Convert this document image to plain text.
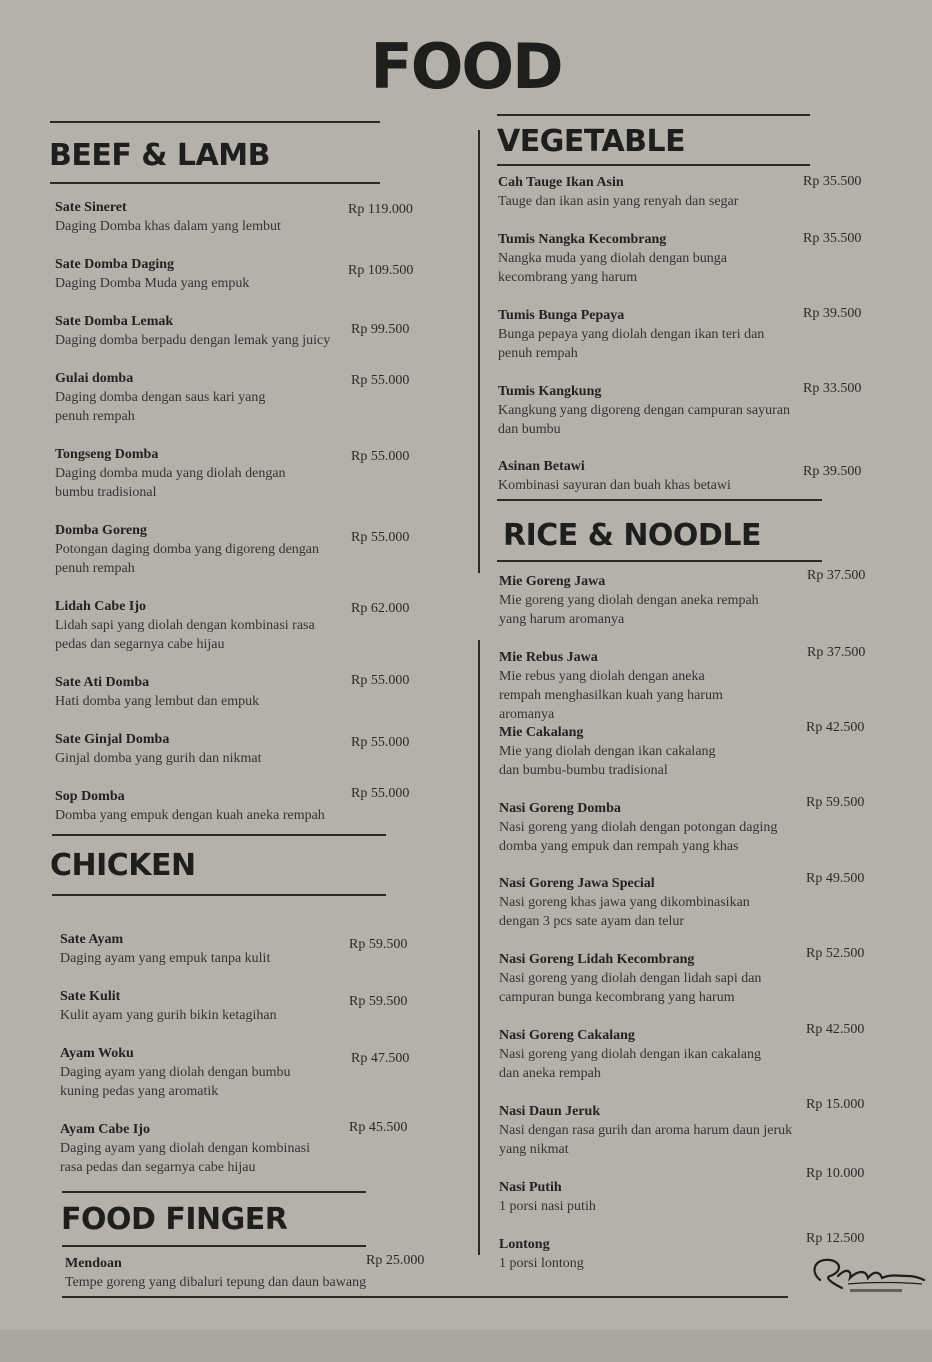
FOOD
BEEF & LAMB
Sate Sineret
Daging Domba khas dalam yang lembut
Rp 119.000
Sate Domba Daging
Daging Domba Muda yang empuk
Rp 109.500
Sate Domba Lemak
Daging domba berpadu dengan lemak yang juicy
Rp 99.500
Gulai domba
Daging domba dengan saus kari yang penuh rempah
Rp 55.000
Tongseng Domba
Daging domba muda yang diolah dengan bumbu tradisional
Rp 55.000
Domba Goreng
Potongan daging domba yang digoreng dengan penuh rempah
Rp 55.000
Lidah Cabe Ijo
Lidah sapi yang diolah dengan kombinasi rasa pedas dan segarnya cabe hijau
Rp 62.000
Sate Ati Domba
Hati domba yang lembut dan empuk
Rp 55.000
Sate Ginjal Domba
Ginjal domba yang gurih dan nikmat
Rp 55.000
Sop Domba
Domba yang empuk dengan kuah aneka rempah
Rp 55.000
CHICKEN
Sate Ayam
Daging ayam yang empuk tanpa kulit
Rp 59.500
Sate Kulit
Kulit ayam yang gurih bikin ketagihan
Rp 59.500
Ayam Woku
Daging ayam yang diolah dengan bumbu kuning pedas yang aromatik
Rp 47.500
Ayam Cabe Ijo
Daging ayam yang diolah dengan kombinasi rasa pedas dan segarnya cabe hijau
Rp 45.500
FOOD FINGER
Mendoan
Tempe goreng yang dibaluri tepung dan daun bawang
Rp 25.000
VEGETABLE
Cah Tauge Ikan Asin
Tauge dan ikan asin yang renyah dan segar
Rp 35.500
Tumis Nangka Kecombrang
Nangka muda yang diolah dengan bunga kecombrang yang harum
Rp 35.500
Tumis Bunga Pepaya
Bunga pepaya yang diolah dengan ikan teri dan penuh rempah
Rp 39.500
Tumis Kangkung
Kangkung yang digoreng dengan campuran sayuran dan bumbu
Rp 33.500
Asinan Betawi
Kombinasi sayuran dan buah khas betawi
Rp 39.500
RICE & NOODLE
Mie Goreng Jawa
Mie goreng yang diolah dengan aneka rempah yang harum aromanya
Rp 37.500
Mie Rebus Jawa
Mie rebus yang diolah dengan aneka rempah menghasilkan kuah yang harum aromanya
Rp 37.500
Mie Cakalang
Mie yang diolah dengan ikan cakalang dan bumbu-bumbu tradisional
Rp 42.500
Nasi Goreng Domba
Nasi goreng yang diolah dengan potongan daging domba yang empuk dan rempah yang khas
Rp 59.500
Nasi Goreng Jawa Special
Nasi goreng khas jawa yang dikombinasikan dengan 3 pcs sate ayam dan telur
Rp 49.500
Nasi Goreng Lidah Kecombrang
Nasi goreng yang diolah dengan lidah sapi dan campuran bunga kecombrang yang harum
Rp 52.500
Nasi Goreng Cakalang
Nasi goreng yang diolah dengan ikan cakalang dan aneka rempah
Rp 42.500
Nasi Daun Jeruk
Nasi dengan rasa gurih dan aroma harum daun jeruk yang nikmat
Rp 15.000
Nasi Putih
1 porsi nasi putih
Rp 10.000
Lontong
1 porsi lontong
Rp 12.500
